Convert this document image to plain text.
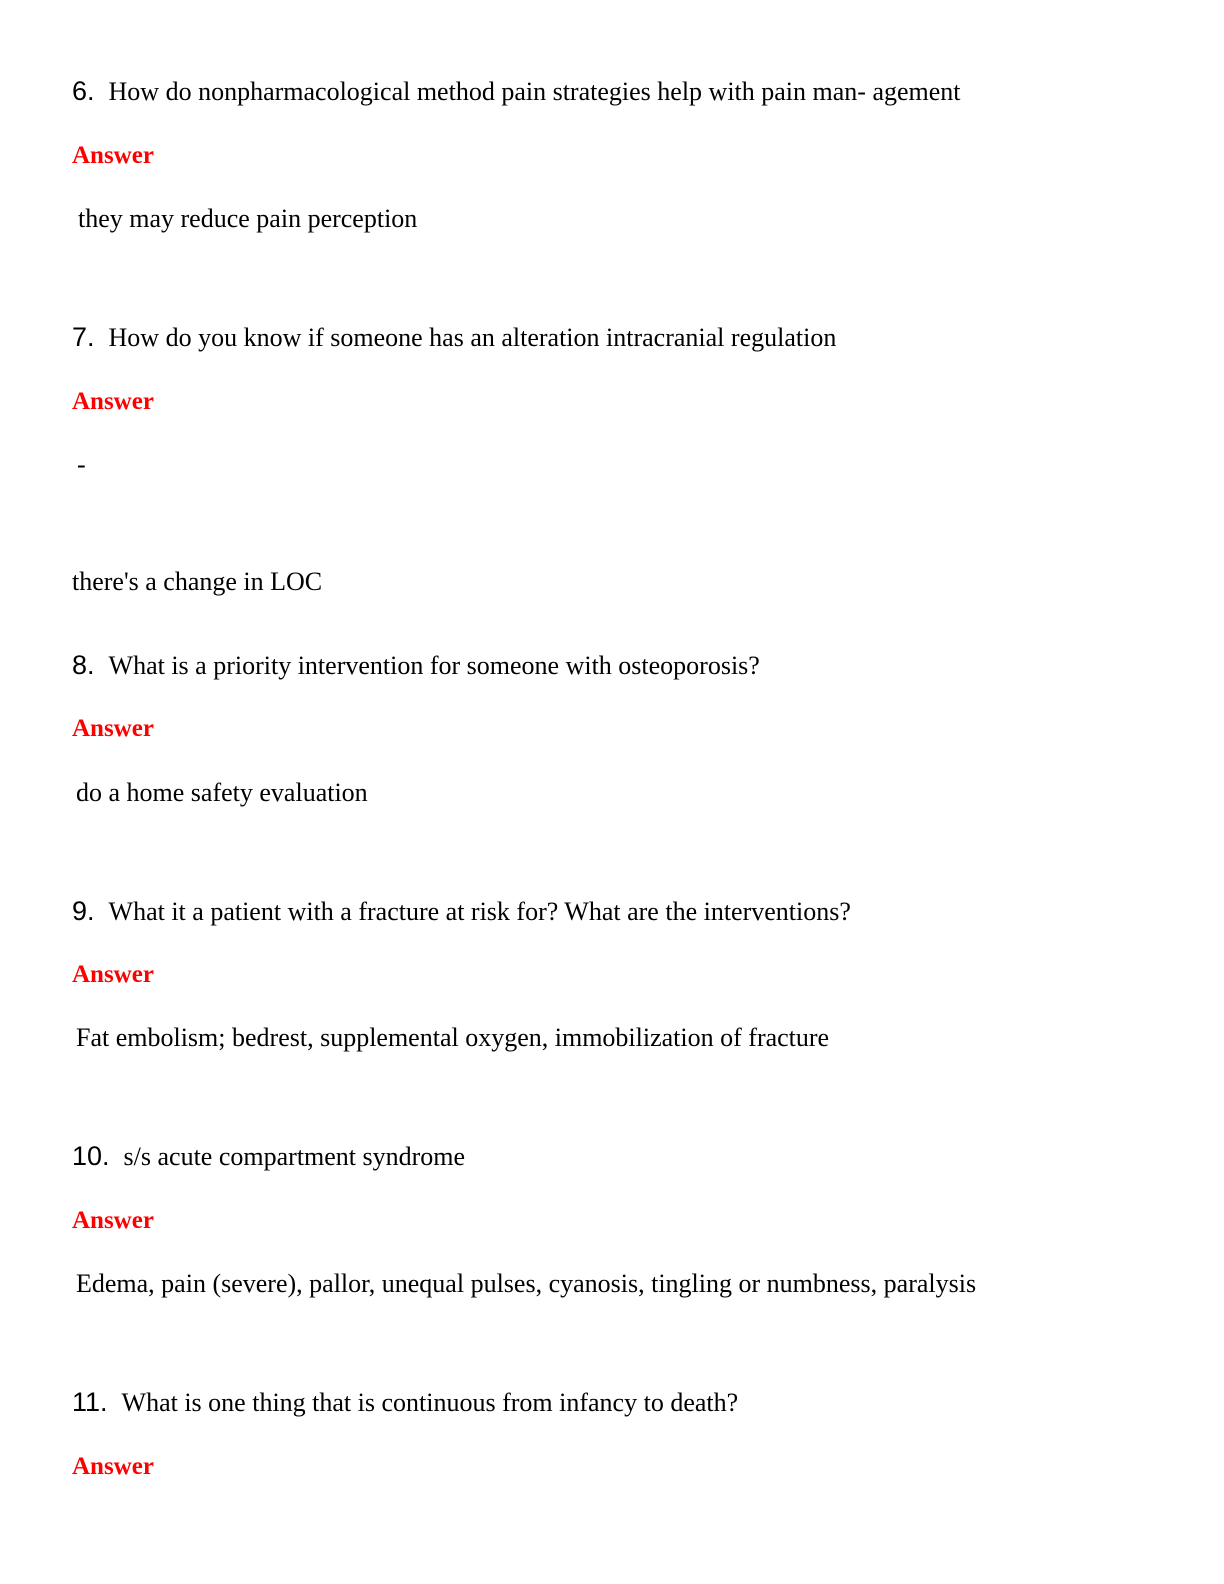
6. How do nonpharmacological method pain strategies help with pain man- agement
Answer
they may reduce pain perception
7. How do you know if someone has an alteration intracranial regulation
Answer
-
there's a change in LOC
8. What is a priority intervention for someone with osteoporosis?
Answer
do a home safety evaluation
9. What it a patient with a fracture at risk for? What are the interventions?
Answer
Fat embolism; bedrest, supplemental oxygen, immobilization of fracture
10. s/s acute compartment syndrome
Answer
Edema, pain (severe), pallor, unequal pulses, cyanosis, tingling or numbness, paralysis
11. What is one thing that is continuous from infancy to death?
Answer
